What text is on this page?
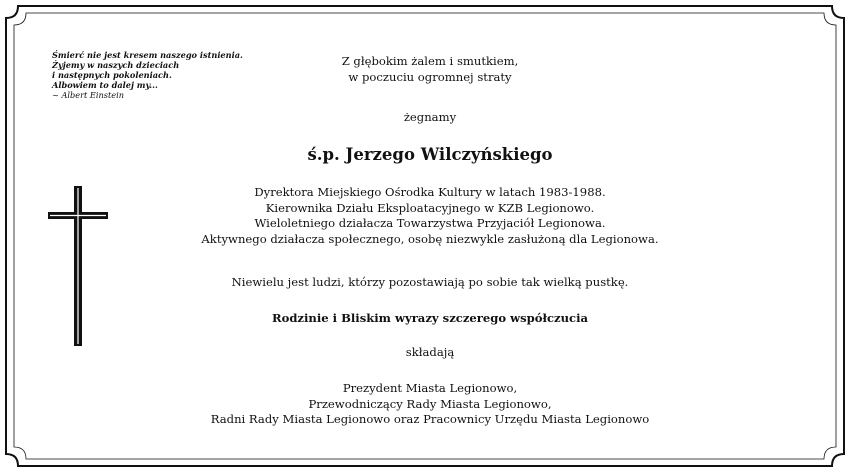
Śmierć nie jest kresem naszego istnienia.
Żyjemy w naszych dzieciach
i następnych pokoleniach.
Albowiem to dalej my...
~ Albert Einstein
Z głębokim żalem i smutkiem,
w poczuciu ogromnej straty
żegnamy
ś.p. Jerzego Wilczyńskiego
Dyrektora Miejskiego Ośrodka Kultury w latach 1983-1988.
Kierownika Działu Eksploatacyjnego w KZB Legionowo.
Wieloletniego działacza Towarzystwa Przyjaciół Legionowa.
Aktywnego działacza społecznego, osobę niezwykle zasłużoną dla Legionowa.
Niewielu jest ludzi, którzy pozostawiają po sobie tak wielką pustkę.
Rodzinie i Bliskim wyrazy szczerego współczucia
składają
Prezydent Miasta Legionowo,
Przewodniczący Rady Miasta Legionowo,
Radni Rady Miasta Legionowo oraz Pracownicy Urzędu Miasta Legionowo
